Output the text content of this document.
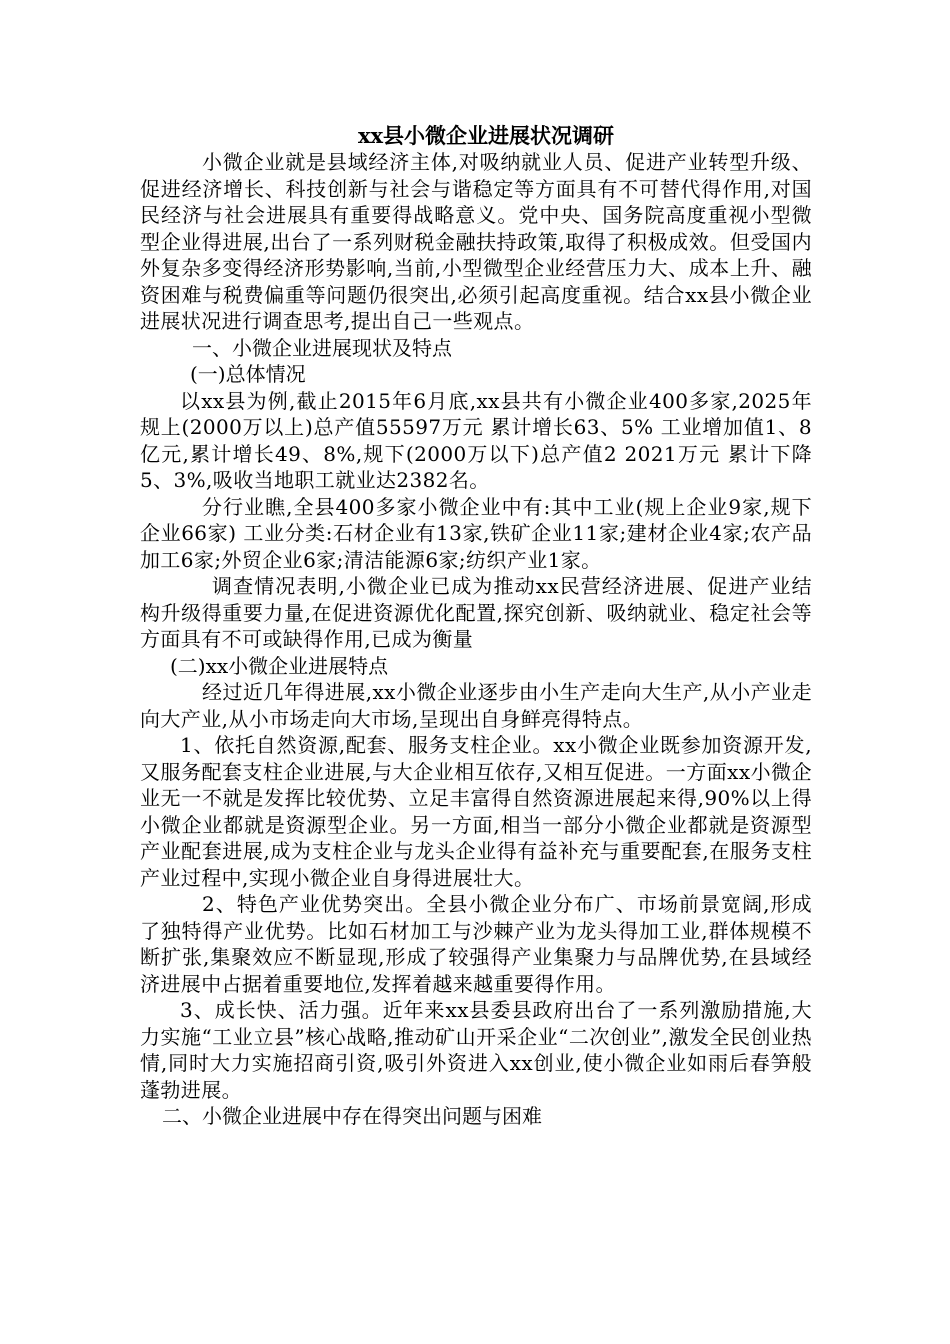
xx县小微企业进展状况调研

小微企业就是县域经济主体,对吸纳就业人员、促进产业转型升级、促进经济增长、科技创新与社会与谐稳定等方面具有不可替代得作用,对国民经济与社会进展具有重要得战略意义。党中央、国务院高度重视小型微型企业得进展,出台了一系列财税金融扶持政策,取得了积极成效。但受国内外复杂多变得经济形势影响,当前,小型微型企业经营压力大、成本上升、融资困难与税费偏重等问题仍很突出,必须引起高度重视。结合xx县小微企业进展状况进行调查思考,提出自己一些观点。

一、小微企业进展现状及特点
(一)总体情况

以xx县为例,截止2015年6月底,xx县共有小微企业400多家,2025年规上(2000万以上)总产值55597万元 累计增长63、5% 工业增加值1、8亿元,累计增长49、8%,规下(2000万以下)总产值2 2021万元 累计下降5、3%,吸收当地职工就业达2382名。

分行业瞧,全县400多家小微企业中有:其中工业(规上企业9家,规下企业66家) 工业分类:石材企业有13家,铁矿企业11家;建材企业4家;农产品加工6家;外贸企业6家;清洁能源6家;纺织产业1家。

调查情况表明,小微企业已成为推动xx民营经济进展、促进产业结构升级得重要力量,在促进资源优化配置,探究创新、吸纳就业、稳定社会等方面具有不可或缺得作用,已成为衡量

(二)xx小微企业进展特点

经过近几年得进展,xx小微企业逐步由小生产走向大生产,从小产业走向大产业,从小市场走向大市场,呈现出自身鲜亮得特点。

1、依托自然资源,配套、服务支柱企业。xx小微企业既参加资源开发,又服务配套支柱企业进展,与大企业相互依存,又相互促进。一方面xx小微企业无一不就是发挥比较优势、立足丰富得自然资源进展起来得,90%以上得小微企业都就是资源型企业。另一方面,相当一部分小微企业都就是资源型产业配套进展,成为支柱企业与龙头企业得有益补充与重要配套,在服务支柱产业过程中,实现小微企业自身得进展壮大。

2、特色产业优势突出。全县小微企业分布广、市场前景宽阔,形成了独特得产业优势。比如石材加工与沙棘产业为龙头得加工业,群体规模不断扩张,集聚效应不断显现,形成了较强得产业集聚力与品牌优势,在县域经济进展中占据着重要地位,发挥着越来越重要得作用。

3、成长快、活力强。近年来xx县委县政府出台了一系列激励措施,大力实施“工业立县”核心战略,推动矿山开采企业“二次创业”,激发全民创业热情,同时大力实施招商引资,吸引外资进入xx创业,使小微企业如雨后春笋般蓬勃进展。

二、小微企业进展中存在得突出问题与困难
